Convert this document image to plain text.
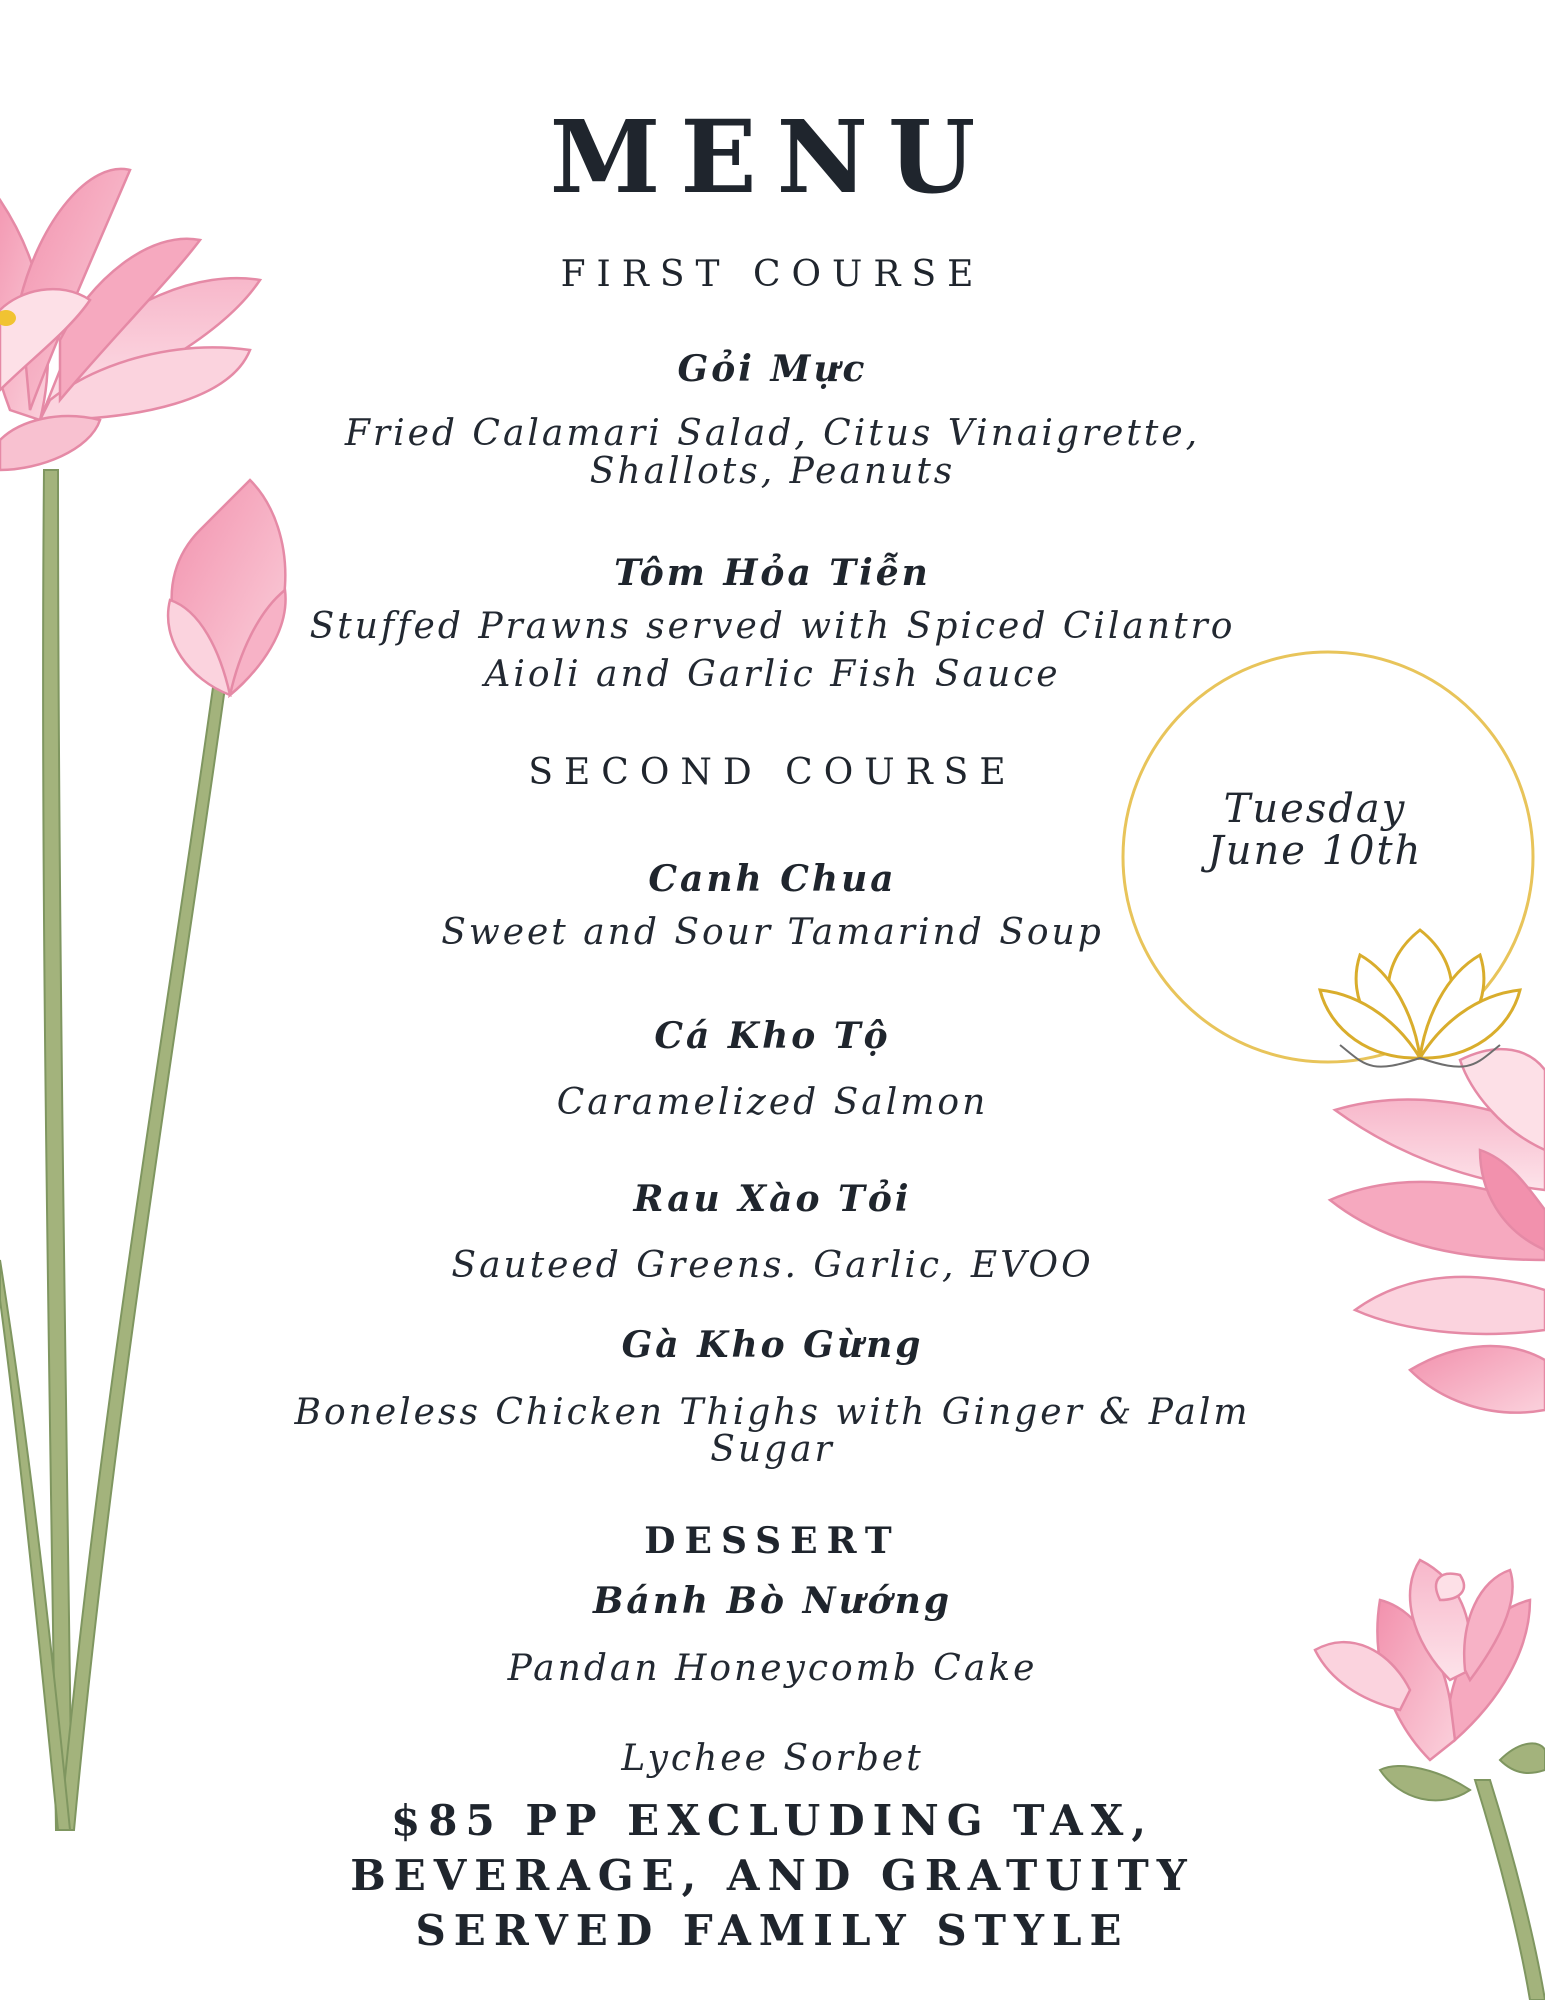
MENU
FIRST COURSE
Gỏi Mực
Fried Calamari Salad, Citus Vinaigrette,
Shallots, Peanuts
Tôm Hỏa Tiễn
Stuffed Prawns served with Spiced Cilantro
Aioli and Garlic Fish Sauce
SECOND COURSE
Canh Chua
Sweet and Sour Tamarind Soup
Cá Kho Tộ
Caramelized Salmon
Rau Xào Tỏi
Sauteed Greens. Garlic, EVOO
Gà Kho Gừng
Boneless Chicken Thighs with Ginger & Palm
Sugar
DESSERT
Bánh Bò Nướng
Pandan Honeycomb Cake
Lychee Sorbet
$85 PP EXCLUDING TAX,
BEVERAGE, AND GRATUITY
SERVED FAMILY STYLE
Tuesday
June 10th
